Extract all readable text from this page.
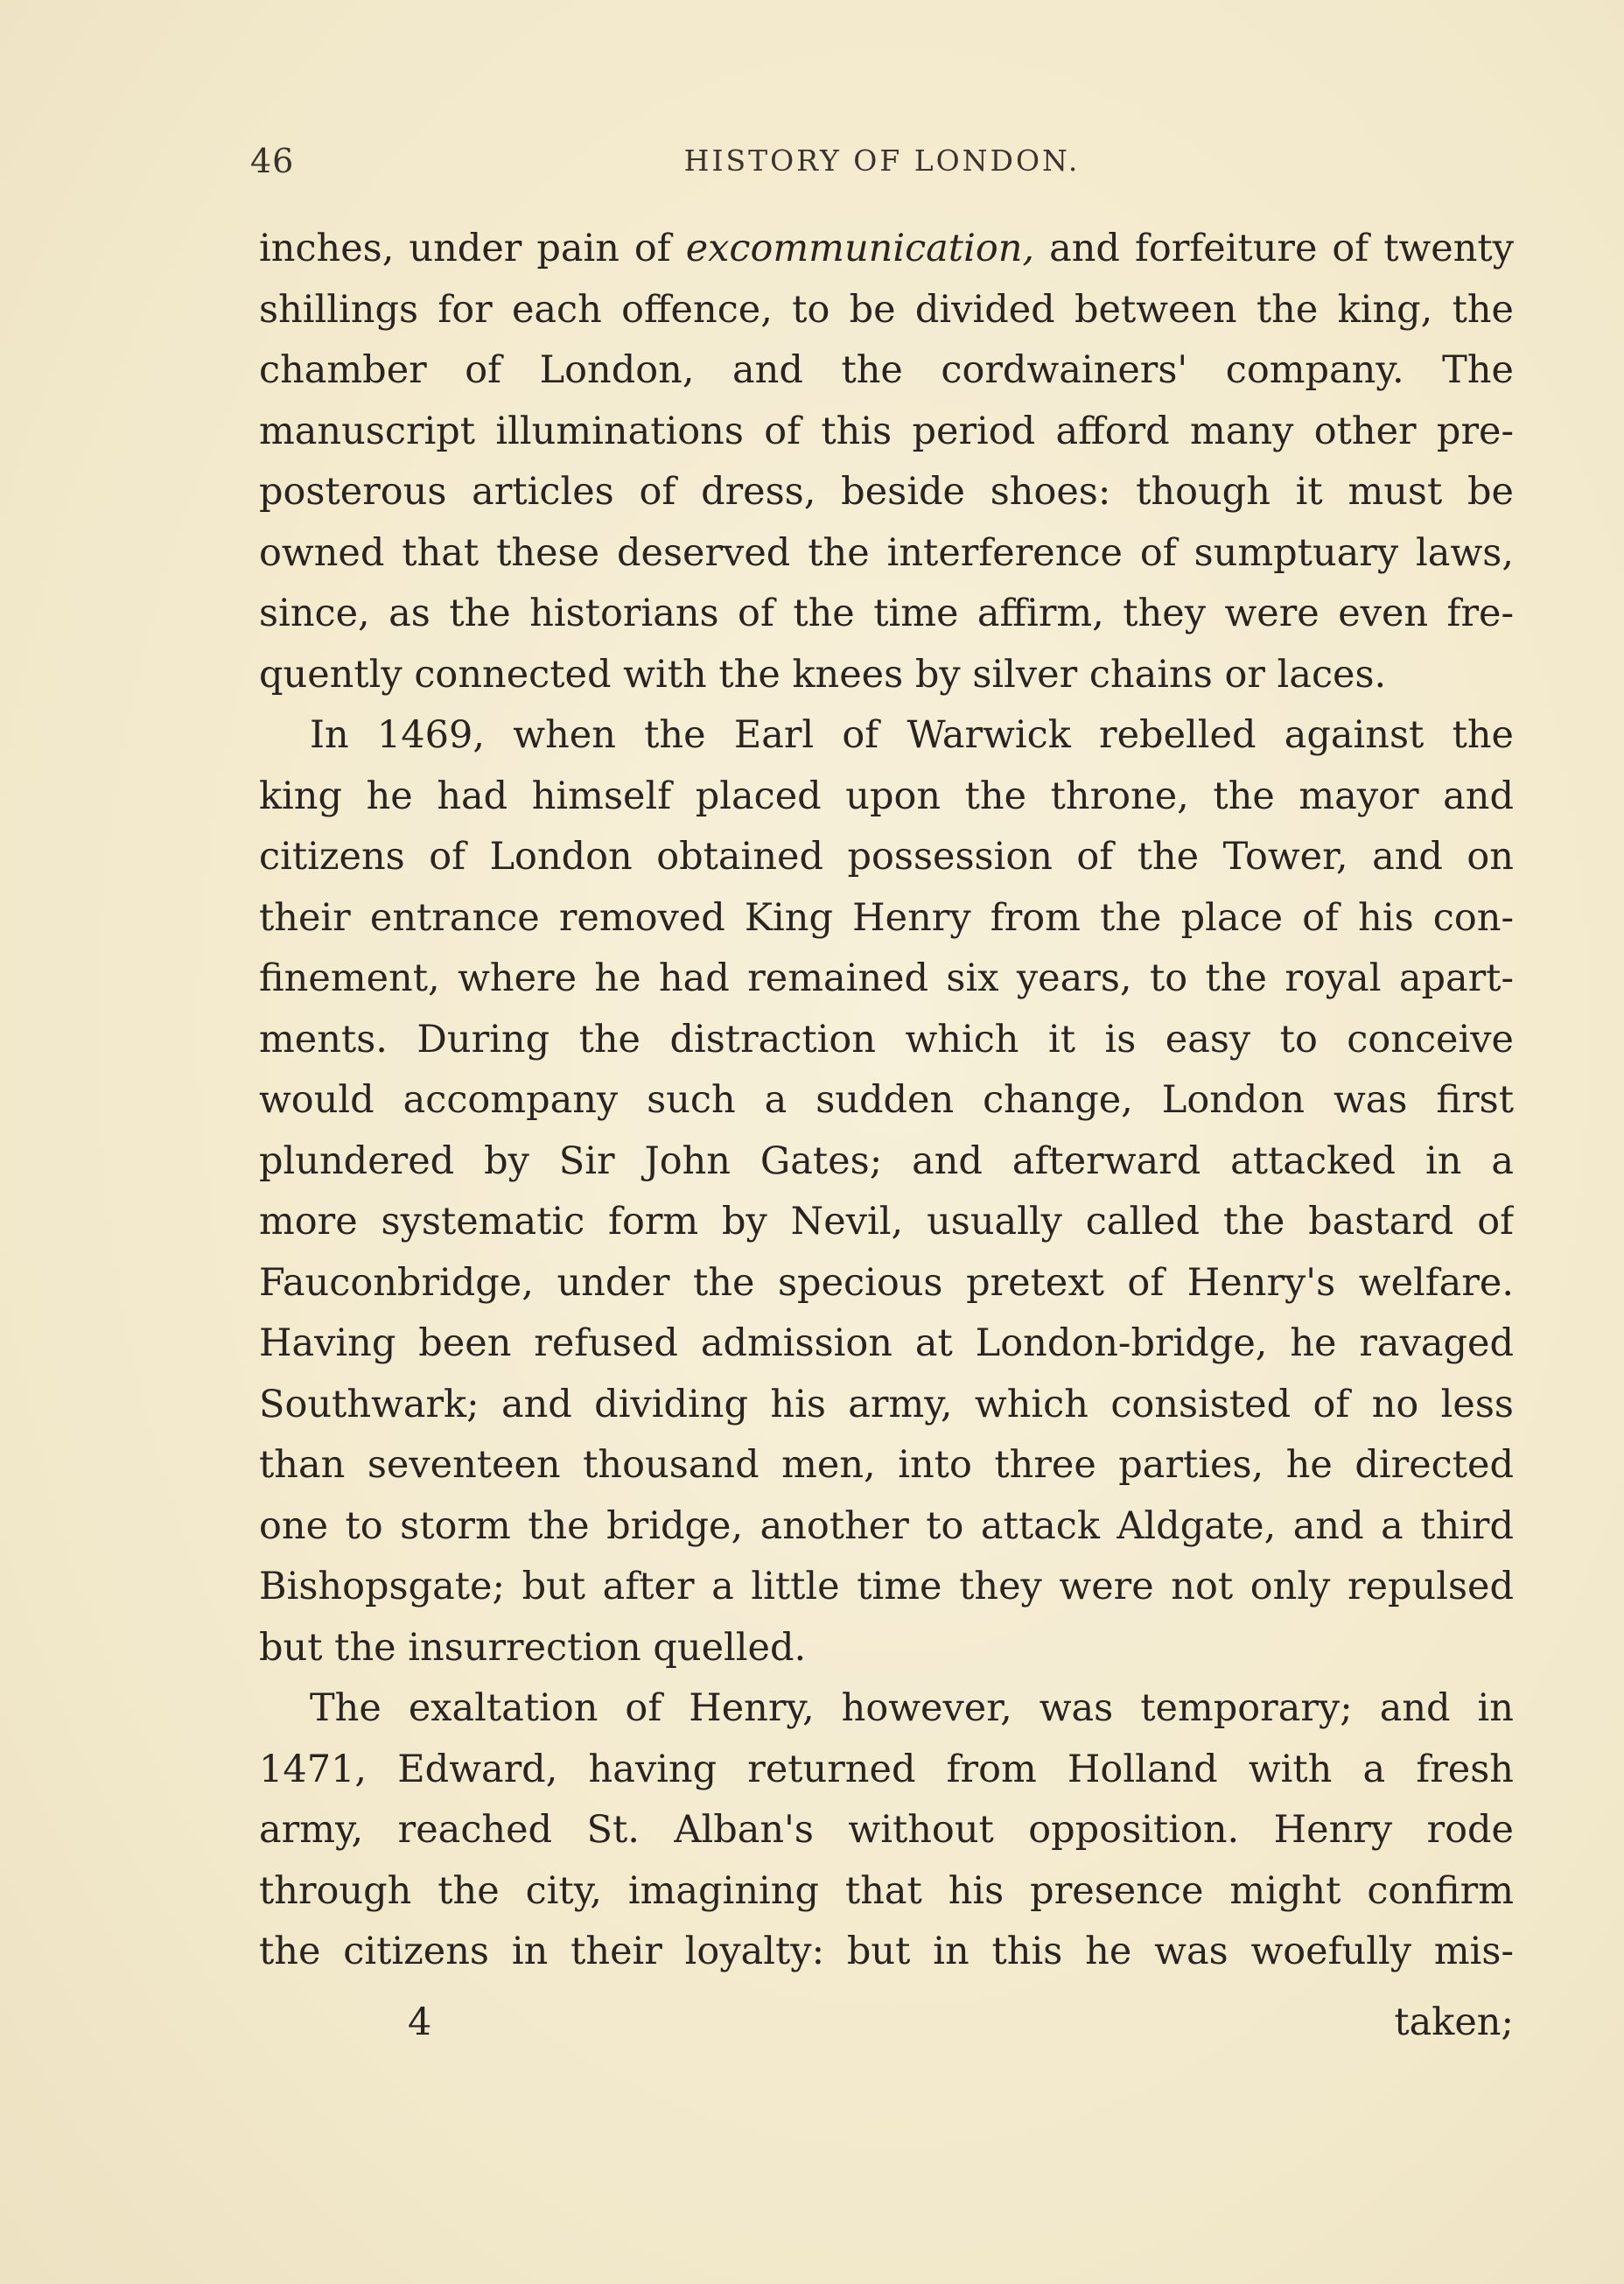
46	HISTORY OF LONDON.
inches, under pain of excommunication, and forfeiture of twenty
shillings for each offence, to be divided between the king, the
chamber of London, and the cordwainers' company. The
manuscript illuminations of this period afford many other pre-
posterous articles of dress, beside shoes: though it must be
owned that these deserved the interference of sumptuary laws,
since, as the historians of the time affirm, they were even fre-
quently connected with the knees by silver chains or laces.
In 1469, when the Earl of Warwick rebelled against the
king he had himself placed upon the throne, the mayor and
citizens of London obtained possession of the Tower, and on
their entrance removed King Henry from the place of his con-
finement, where he had remained six years, to the royal apart-
ments. During the distraction which it is easy to conceive
would accompany such a sudden change, London was first
plundered by Sir John Gates; and afterward attacked in a
more systematic form by Nevil, usually called the bastard of
Fauconbridge, under the specious pretext of Henry's welfare.
Having been refused admission at London-bridge, he ravaged
Southwark; and dividing his army, which consisted of no less
than seventeen thousand men, into three parties, he directed
one to storm the bridge, another to attack Aldgate, and a third
Bishopsgate; but after a little time they were not only repulsed
but the insurrection quelled.
The exaltation of Henry, however, was temporary; and in
1471, Edward, having returned from Holland with a fresh
army, reached St. Alban's without opposition. Henry rode
through the city, imagining that his presence might confirm
the citizens in their loyalty: but in this he was woefully mis-
4	taken;
